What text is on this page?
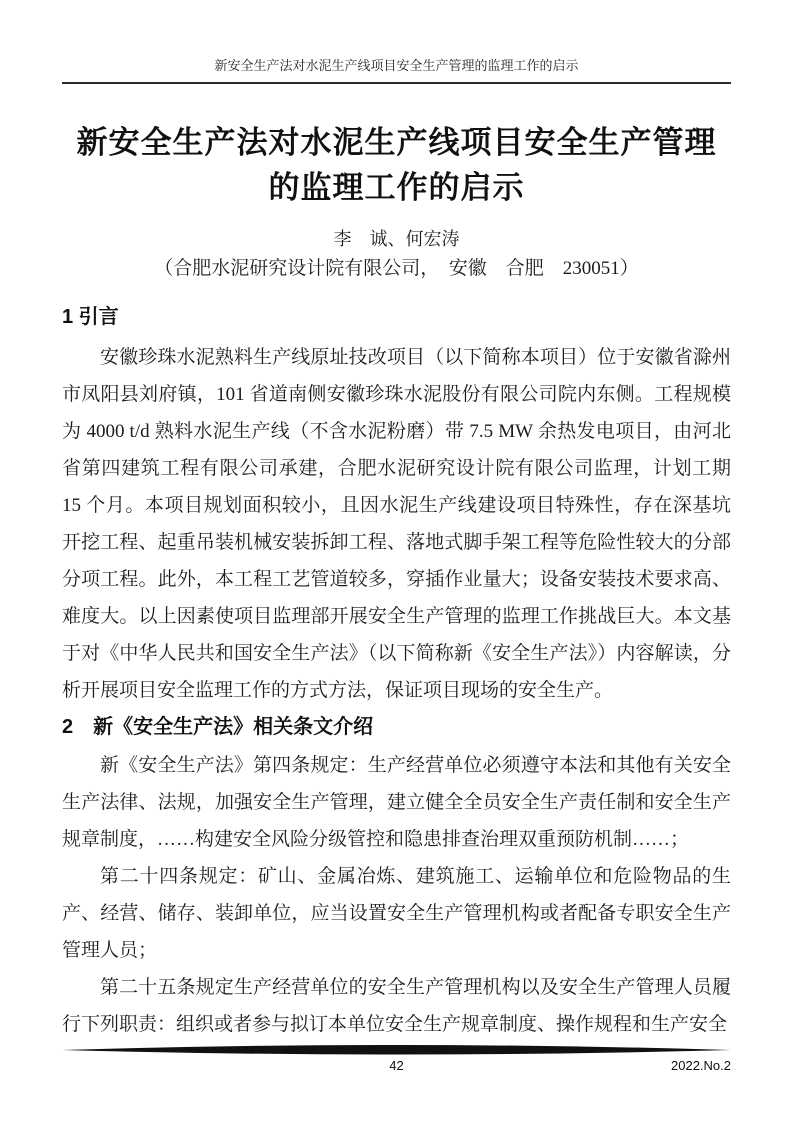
新安全生产法对水泥生产线项目安全生产管理的监理工作的启示
新安全生产法对水泥生产线项目安全生产管理的监理工作的启示
李　诚、何宏涛
（合肥水泥研究设计院有限公司，　安徽　合肥　230051）
1 引言

安徽珍珠水泥熟料生产线原址技改项目（以下简称本项目）位于安徽省滁州市凤阳县刘府镇，101 省道南侧安徽珍珠水泥股份有限公司院内东侧。工程规模为 4000 t/d 熟料水泥生产线（不含水泥粉磨）带 7.5 MW 余热发电项目，由河北省第四建筑工程有限公司承建，合肥水泥研究设计院有限公司监理，计划工期 15 个月。本项目规划面积较小，且因水泥生产线建设项目特殊性，存在深基坑开挖工程、起重吊装机械安装拆卸工程、落地式脚手架工程等危险性较大的分部分项工程。此外，本工程工艺管道较多，穿插作业量大；设备安装技术要求高、难度大。以上因素使项目监理部开展安全生产管理的监理工作挑战巨大。本文基于对《中华人民共和国安全生产法》（以下简称新《安全生产法》）内容解读，分析开展项目安全监理工作的方式方法，保证项目现场的安全生产。

2　新《安全生产法》相关条文介绍

新《安全生产法》第四条规定：生产经营单位必须遵守本法和其他有关安全生产法律、法规，加强安全生产管理，建立健全全员安全生产责任制和安全生产规章制度，……构建安全风险分级管控和隐患排查治理双重预防机制……；

第二十四条规定：矿山、金属冶炼、建筑施工、运输单位和危险物品的生产、经营、储存、装卸单位，应当设置安全生产管理机构或者配备专职安全生产管理人员；

第二十五条规定生产经营单位的安全生产管理机构以及安全生产管理人员履行下列职责：组织或者参与拟订本单位安全生产规章制度、操作规程和生产安全

42	2022.No.2
